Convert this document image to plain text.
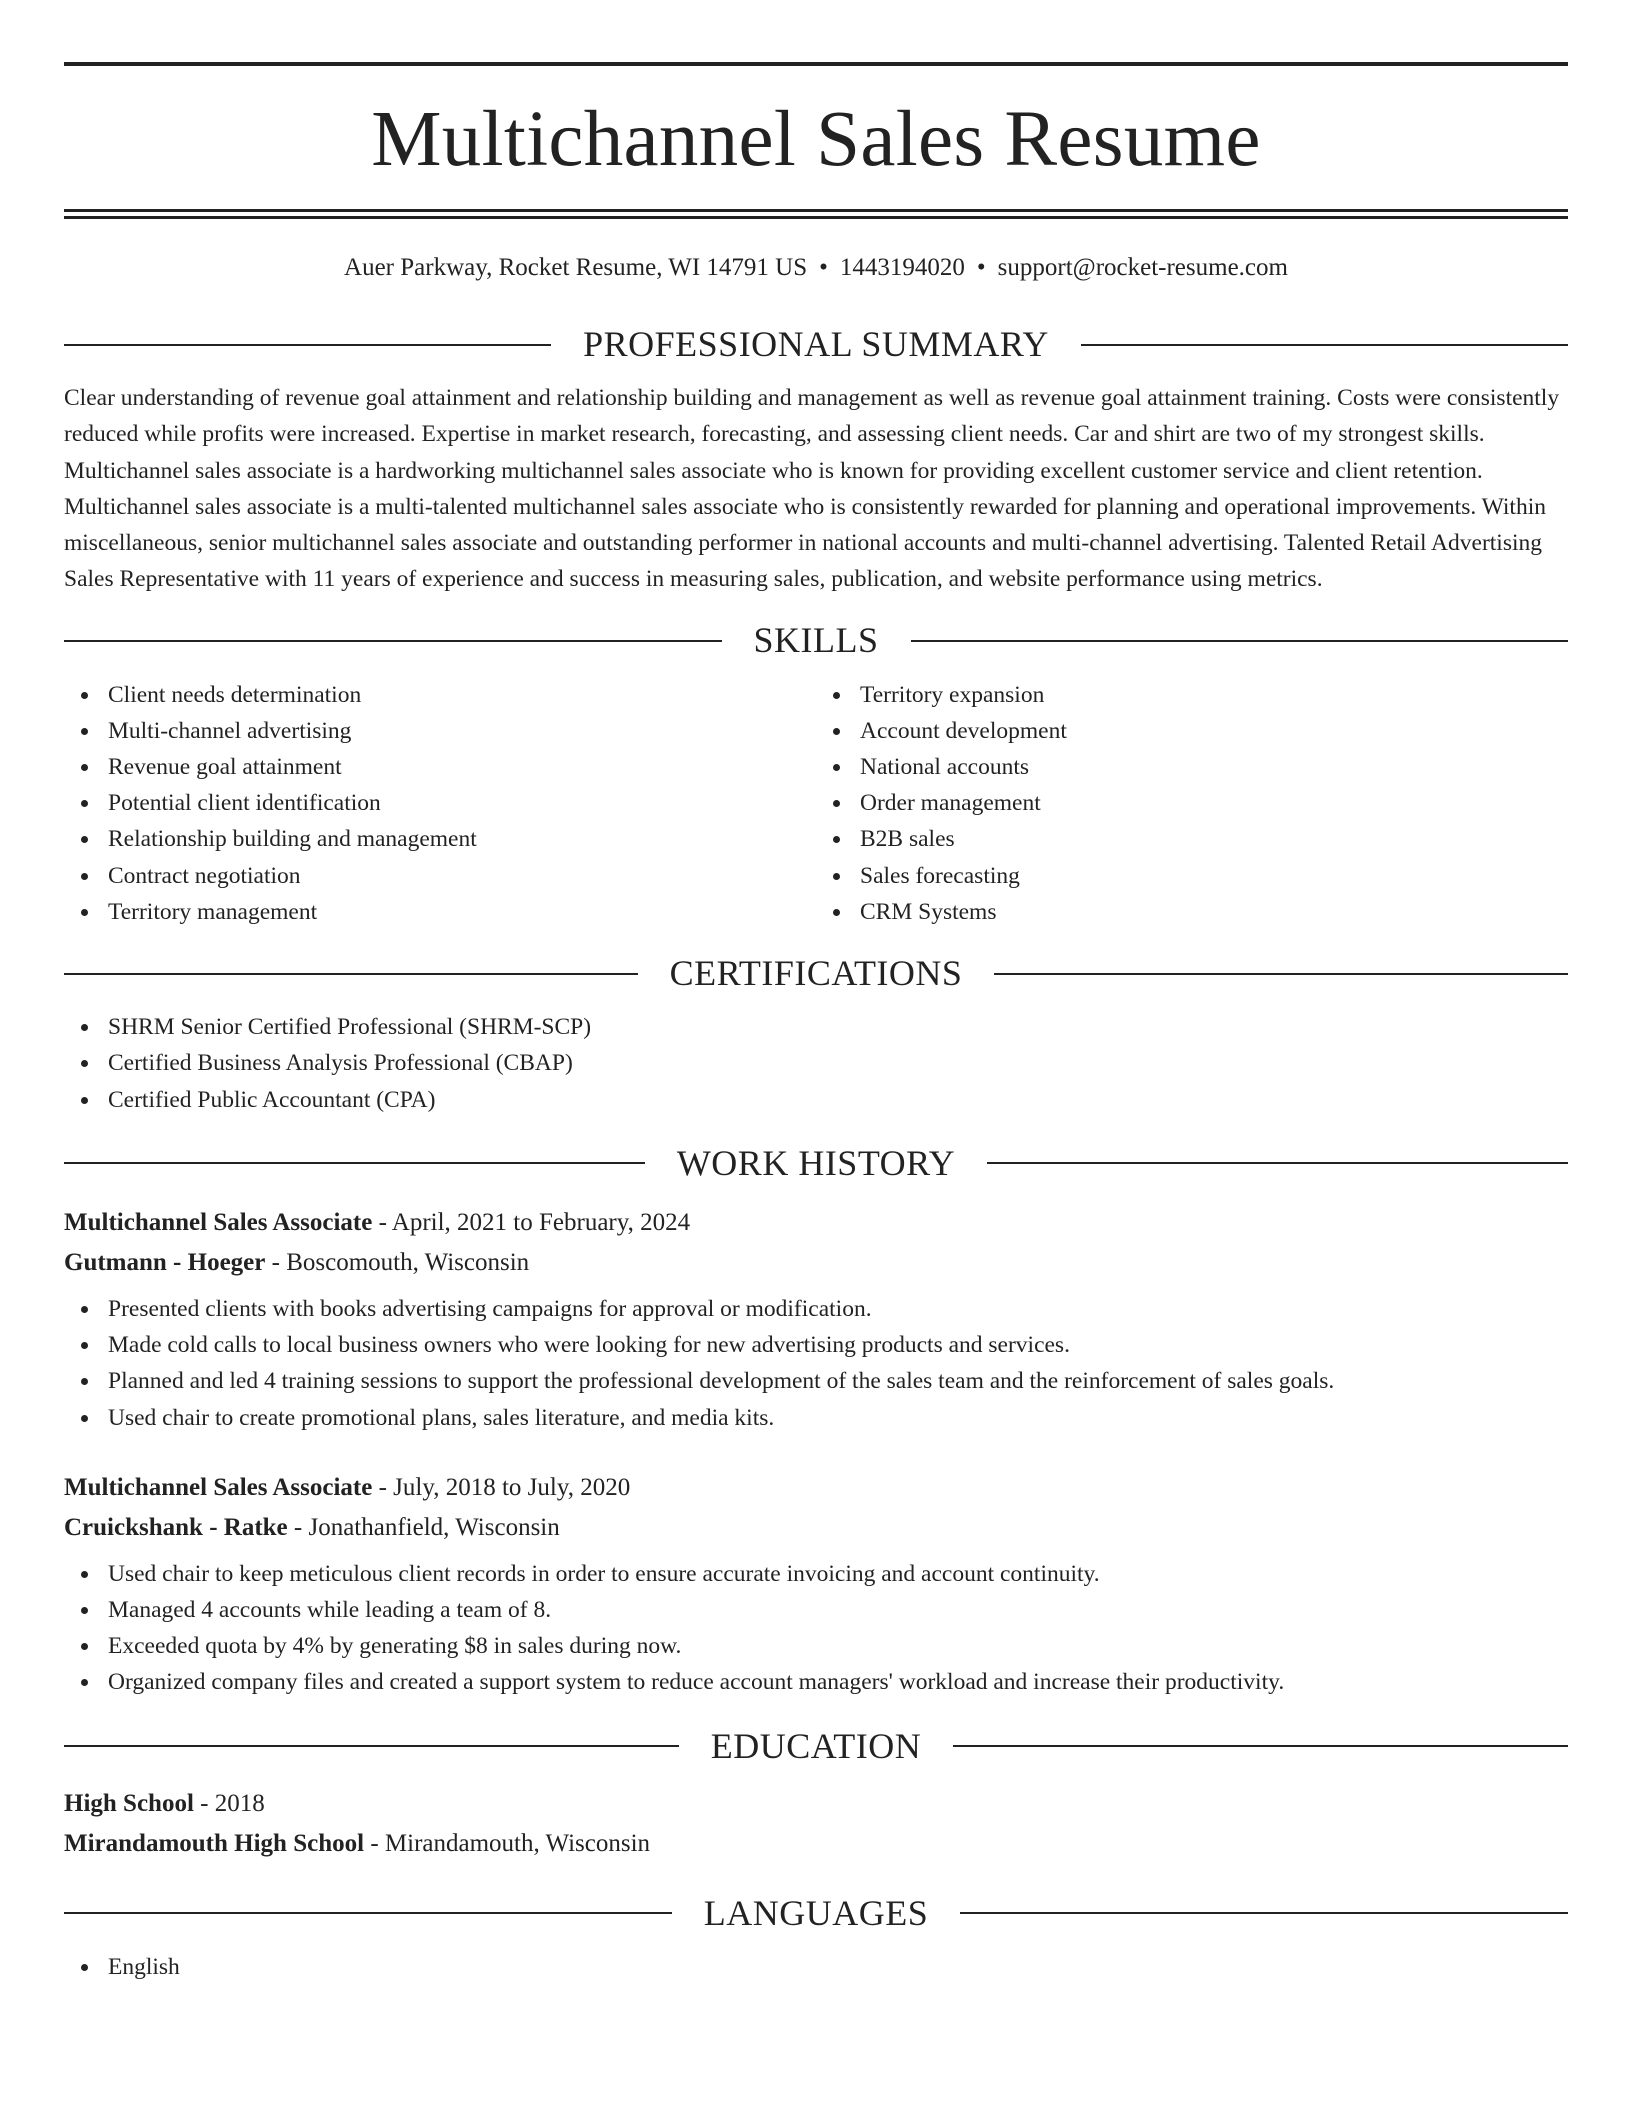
Multichannel Sales Resume
Auer Parkway, Rocket Resume, WI 14791 US • 1443194020 • support@rocket-resume.com
PROFESSIONAL SUMMARY

Clear understanding of revenue goal attainment and relationship building and management as well as revenue goal attainment training. Costs were consistently reduced while profits were increased. Expertise in market research, forecasting, and assessing client needs. Car and shirt are two of my strongest skills. Multichannel sales associate is a hardworking multichannel sales associate who is known for providing excellent customer service and client retention. Multichannel sales associate is a multi-talented multichannel sales associate who is consistently rewarded for planning and operational improvements. Within miscellaneous, senior multichannel sales associate and outstanding performer in national accounts and multi-channel advertising. Talented Retail Advertising Sales Representative with 11 years of experience and success in measuring sales, publication, and website performance using metrics.

SKILLS
Client needs determination
Multi-channel advertising
Revenue goal attainment
Potential client identification
Relationship building and management
Contract negotiation
Territory management
Territory expansion
Account development
National accounts
Order management
B2B sales
Sales forecasting
CRM Systems
CERTIFICATIONS
SHRM Senior Certified Professional (SHRM-SCP)
Certified Business Analysis Professional (CBAP)
Certified Public Accountant (CPA)
WORK HISTORY
Multichannel Sales Associate - April, 2021 to February, 2024
Gutmann - Hoeger - Boscomouth, Wisconsin
Presented clients with books advertising campaigns for approval or modification.
Made cold calls to local business owners who were looking for new advertising products and services.
Planned and led 4 training sessions to support the professional development of the sales team and the reinforcement of sales goals.
Used chair to create promotional plans, sales literature, and media kits.
Multichannel Sales Associate - July, 2018 to July, 2020
Cruickshank - Ratke - Jonathanfield, Wisconsin
Used chair to keep meticulous client records in order to ensure accurate invoicing and account continuity.
Managed 4 accounts while leading a team of 8.
Exceeded quota by 4% by generating $8 in sales during now.
Organized company files and created a support system to reduce account managers' workload and increase their productivity.
EDUCATION
High School - 2018
Mirandamouth High School - Mirandamouth, Wisconsin
LANGUAGES
English
